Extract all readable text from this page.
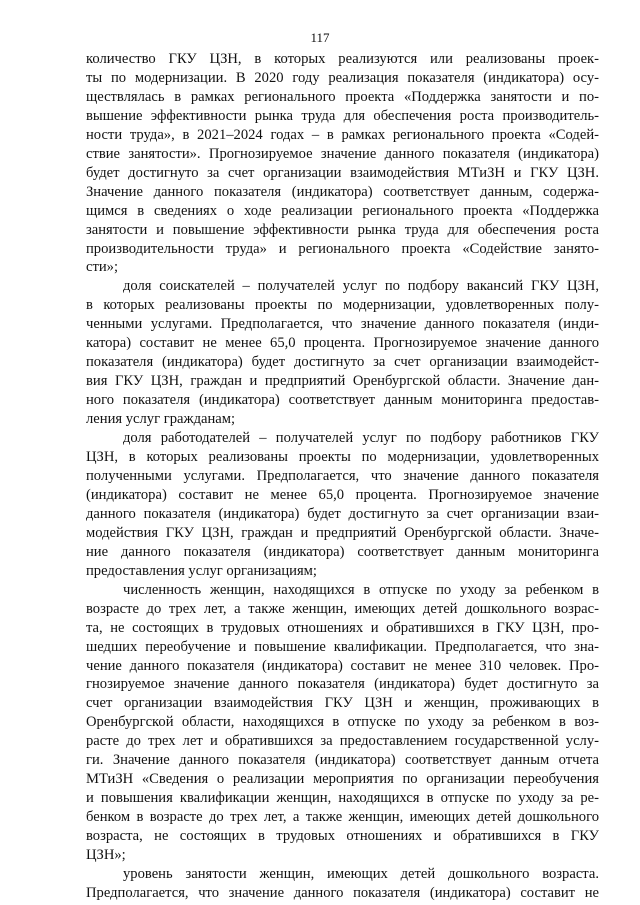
117
количество ГКУ ЦЗН, в которых реализуются или реализованы проек-
ты по модернизации. В 2020 году реализация показателя (индикатора) осу-
ществлялась в рамках регионального проекта «Поддержка занятости и по-
вышение эффективности рынка труда для обеспечения роста производитель-
ности труда», в 2021–2024 годах – в рамках регионального проекта «Содей-
ствие занятости». Прогнозируемое значение данного показателя (индикатора)
будет достигнуто за счет организации взаимодействия МТиЗН и ГКУ ЦЗН.
Значение данного показателя (индикатора) соответствует данным, содержа-
щимся в сведениях о ходе реализации регионального проекта «Поддержка
занятости и повышение эффективности рынка труда для обеспечения роста
производительности труда» и регионального проекта «Содействие занято-
сти»;
доля соискателей – получателей услуг по подбору вакансий ГКУ ЦЗН,
в которых реализованы проекты по модернизации, удовлетворенных полу-
ченными услугами. Предполагается, что значение данного показателя (инди-
катора) составит не менее 65,0 процента. Прогнозируемое значение данного
показателя (индикатора) будет достигнуто за счет организации взаимодейст-
вия ГКУ ЦЗН, граждан и предприятий Оренбургской области. Значение дан-
ного показателя (индикатора) соответствует данным мониторинга предостав-
ления услуг гражданам;
доля работодателей – получателей услуг по подбору работников ГКУ
ЦЗН, в которых реализованы проекты по модернизации, удовлетворенных
полученными услугами. Предполагается, что значение данного показателя
(индикатора) составит не менее 65,0 процента. Прогнозируемое значение
данного показателя (индикатора) будет достигнуто за счет организации взаи-
модействия ГКУ ЦЗН, граждан и предприятий Оренбургской области. Значе-
ние данного показателя (индикатора) соответствует данным мониторинга
предоставления услуг организациям;
численность женщин, находящихся в отпуске по уходу за ребенком в
возрасте до трех лет, а также женщин, имеющих детей дошкольного возрас-
та, не состоящих в трудовых отношениях и обратившихся в ГКУ ЦЗН, про-
шедших переобучение и повышение квалификации. Предполагается, что зна-
чение данного показателя (индикатора) составит не менее 310 человек. Про-
гнозируемое значение данного показателя (индикатора) будет достигнуто за
счет организации взаимодействия ГКУ ЦЗН и женщин, проживающих в
Оренбургской области, находящихся в отпуске по уходу за ребенком в воз-
расте до трех лет и обратившихся за предоставлением государственной услу-
ги. Значение данного показателя (индикатора) соответствует данным отчета
МТиЗН «Сведения о реализации мероприятия по организации переобучения
и повышения квалификации женщин, находящихся в отпуске по уходу за ре-
бенком в возрасте до трех лет, а также женщин, имеющих детей дошкольного
возраста, не состоящих в трудовых отношениях и обратившихся в ГКУ
ЦЗН»;
уровень занятости женщин, имеющих детей дошкольного возраста.
Предполагается, что значение данного показателя (индикатора) составит не
